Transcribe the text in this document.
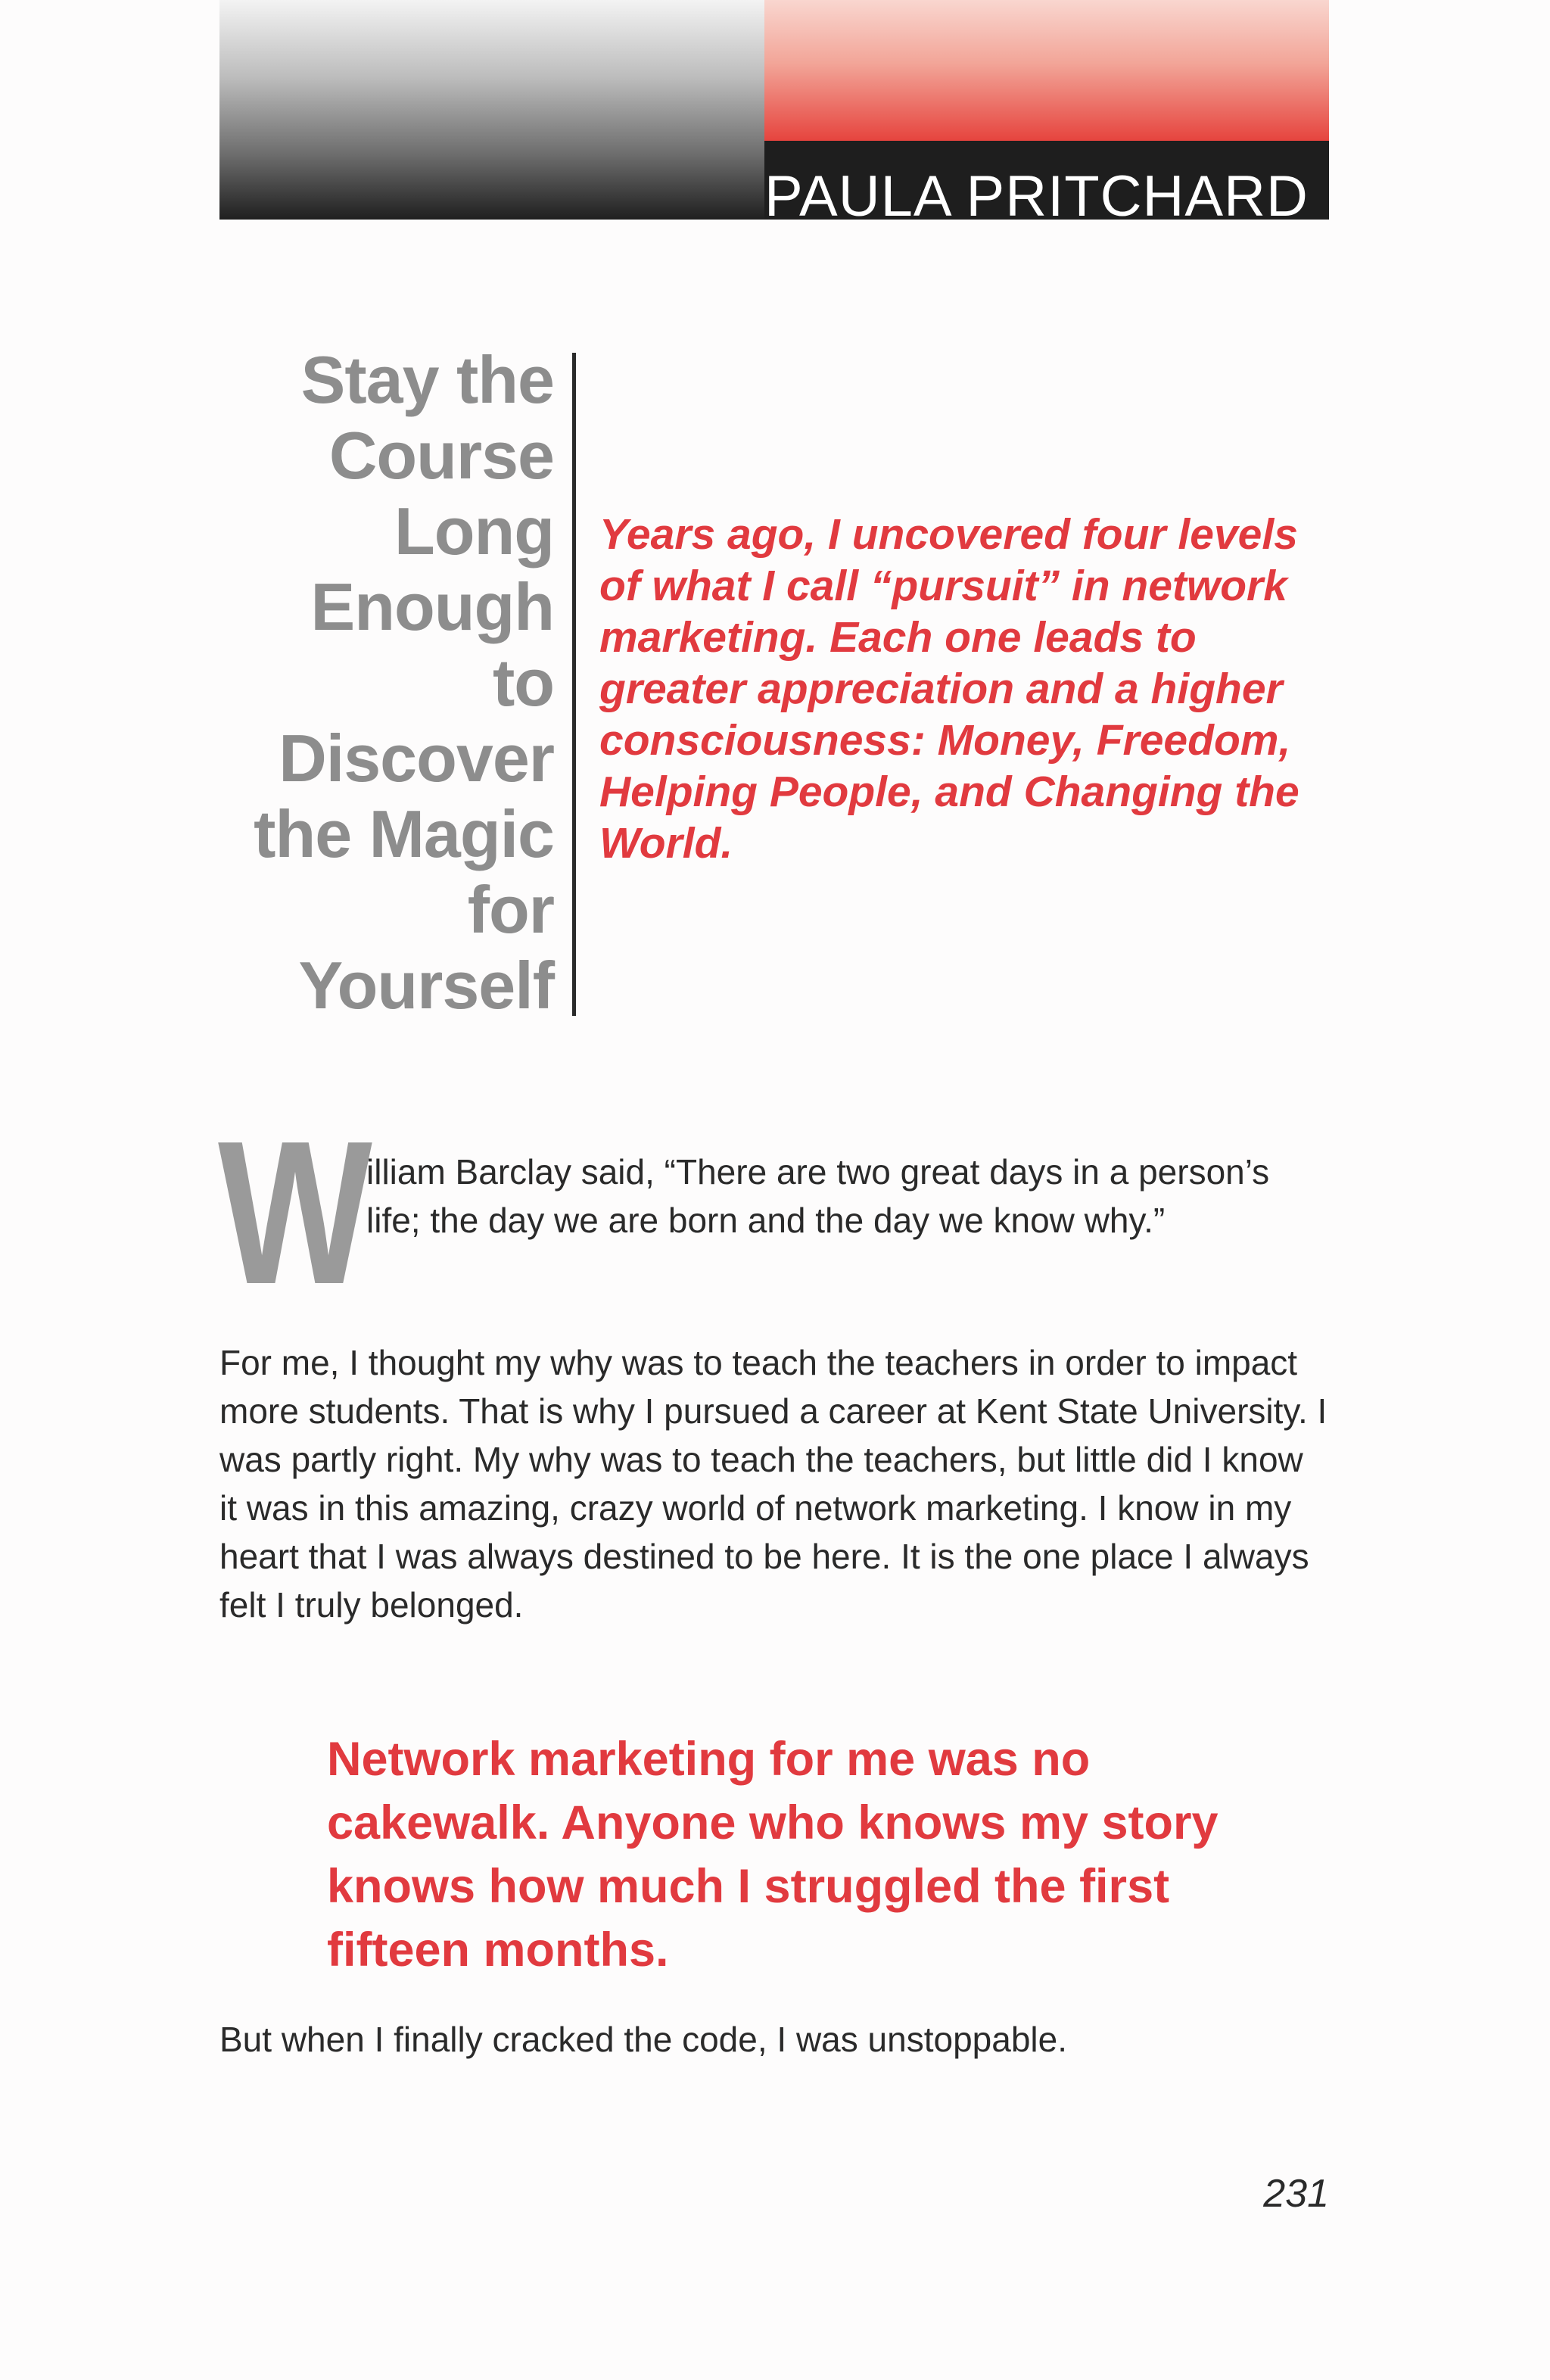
PAULA PRITCHARD
Stay the
Course
Long
Enough
to
Discover
the Magic
for
Yourself
Years ago, I uncovered four levels of what I call “pursuit” in network marketing. Each one leads to greater appreciation and a higher consciousness: Money, Freedom, Helping People, and Changing the World.
W illiam Barclay said, “There are two great days in a person’s life; the day we are born and the day we know why.”
For me, I thought my why was to teach the teachers in order to impact more students. That is why I pursued a career at Kent State University. I was partly right. My why was to teach the teachers, but little did I know it was in this amazing, crazy world of network marketing. I know in my heart that I was always destined to be here. It is the one place I always felt I truly belonged.
Network marketing for me was no cakewalk. Anyone who knows my story knows how much I struggled the first fifteen months.
But when I finally cracked the code, I was unstoppable.
231
